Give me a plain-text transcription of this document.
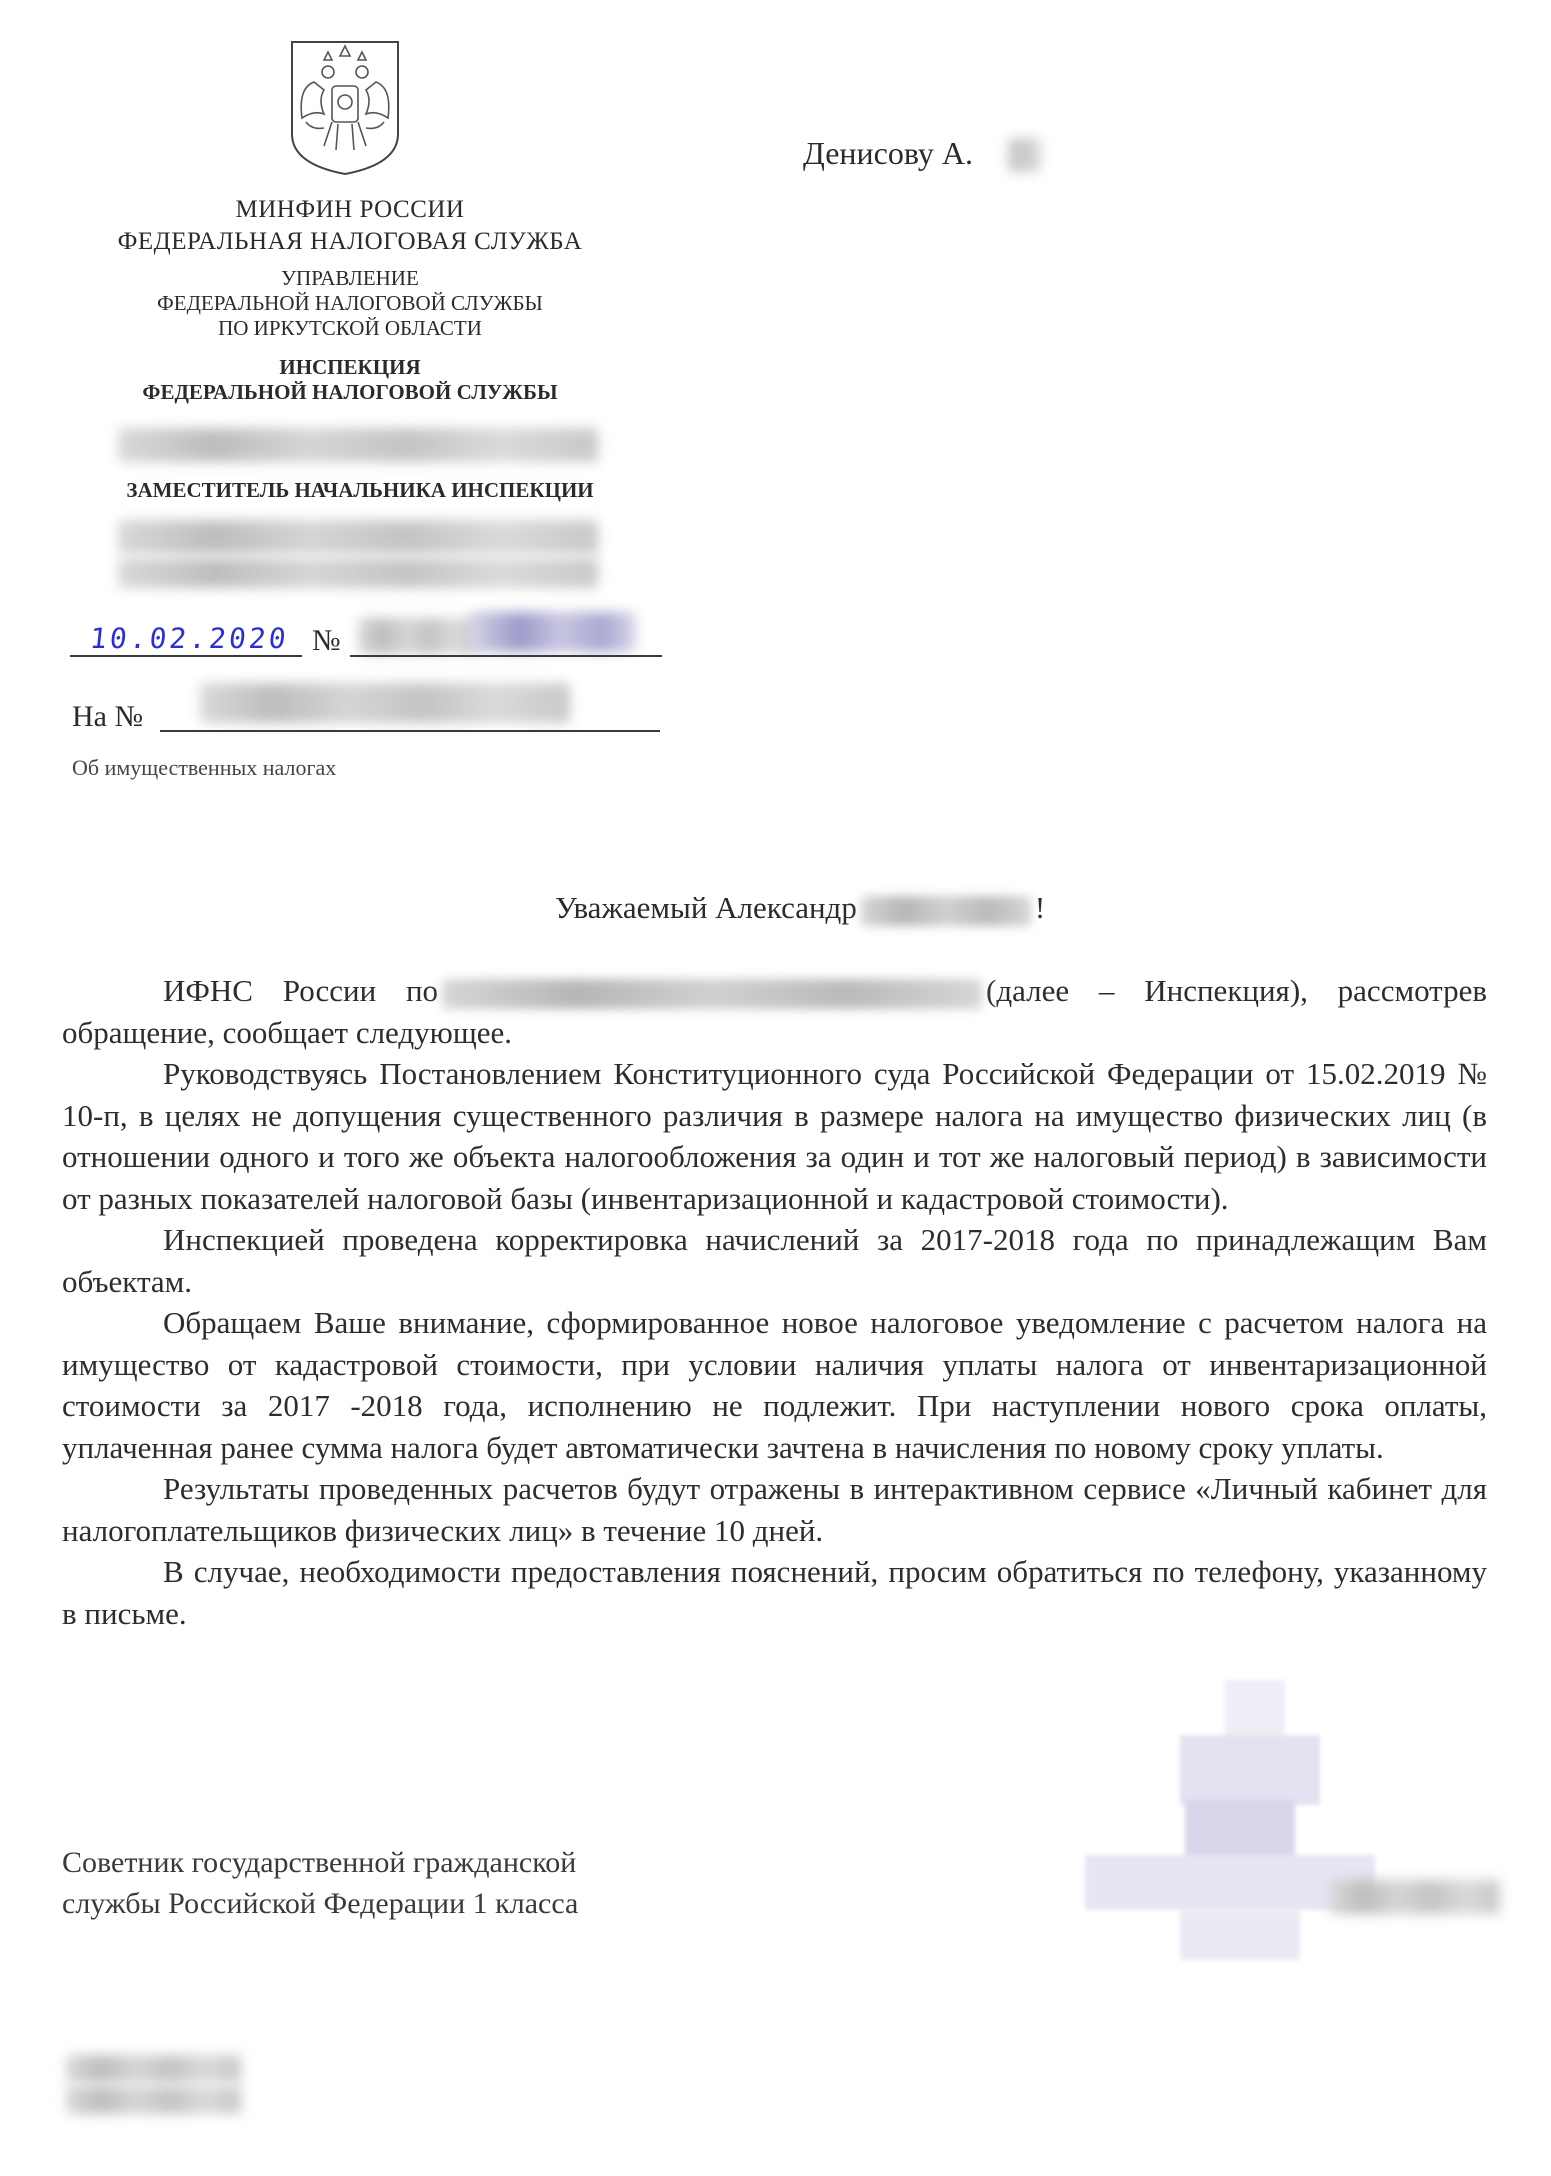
МИНФИН РОССИИ
ФЕДЕРАЛЬНАЯ НАЛОГОВАЯ СЛУЖБА
УПРАВЛЕНИЕ
ФЕДЕРАЛЬНОЙ НАЛОГОВОЙ СЛУЖБЫ
ПО ИРКУТСКОЙ ОБЛАСТИ
ИНСПЕКЦИЯ
ФЕДЕРАЛЬНОЙ НАЛОГОВОЙ СЛУЖБЫ
ЗАМЕСТИТЕЛЬ НАЧАЛЬНИКА ИНСПЕКЦИИ
Денисову А.
10.02.2020 №
На №
Об имущественных налогах
Уважаемый Александр	!

ИФНС России по	(далее – Инспекция), рассмотрев обращение, сообщает следующее.

Руководствуясь Постановлением Конституционного суда Российской Федерации от 15.02.2019 № 10-п, в целях не допущения существенного различия в размере налога на имущество физических лиц (в отношении одного и того же объекта налогообложения за один и тот же налоговый период) в зависимости от разных показателей налоговой базы (инвентаризационной и кадастровой стоимости).

Инспекцией проведена корректировка начислений за 2017-2018 года по принадлежащим Вам объектам.

Обращаем Ваше внимание, сформированное новое налоговое уведомление с расчетом налога на имущество от кадастровой стоимости, при условии наличия уплаты налога от инвентаризационной стоимости за 2017 -2018 года, исполнению не подлежит. При наступлении нового срока оплаты, уплаченная ранее сумма налога будет автоматически зачтена в начисления по новому сроку уплаты.

Результаты проведенных расчетов будут отражены в интерактивном сервисе «Личный кабинет для налогоплательщиков физических лиц» в течение 10 дней.

В случае, необходимости предоставления пояснений, просим обратиться по телефону, указанному в письме.

Советник государственной гражданской
службы Российской Федерации 1 класса
